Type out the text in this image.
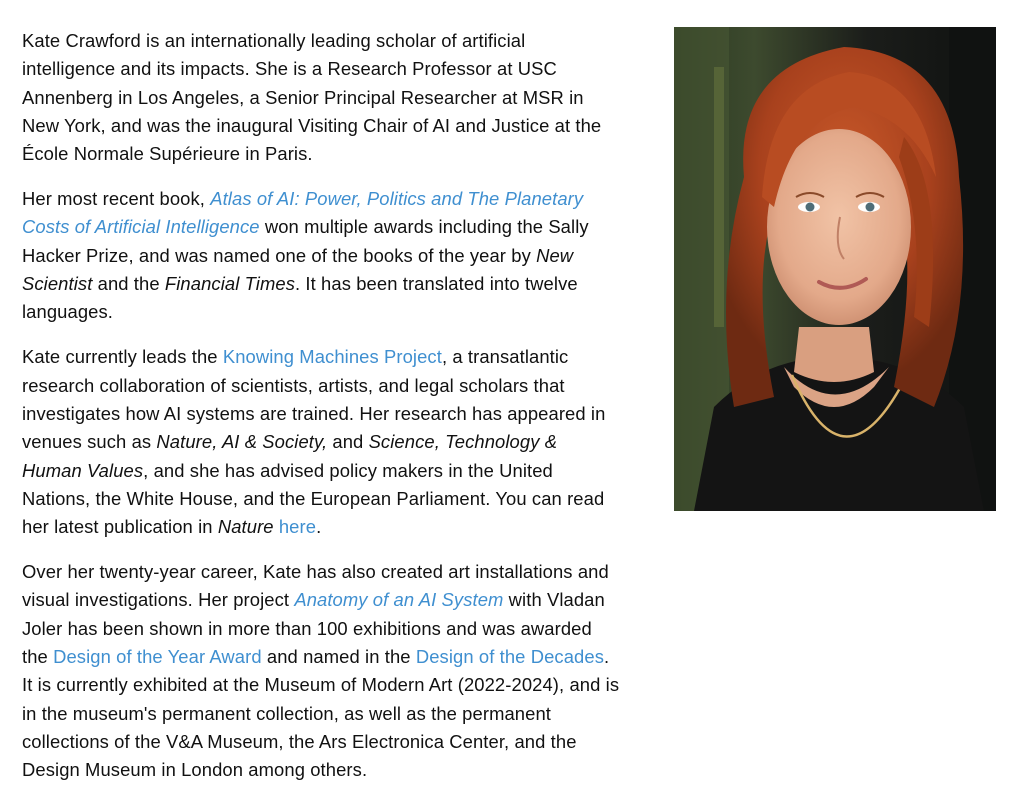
Kate Crawford is an internationally leading scholar of artificial intelligence and its impacts. She is a Research Professor at USC Annenberg in Los Angeles, a Senior Principal Researcher at MSR in New York, and was the inaugural Visiting Chair of AI and Justice at the École Normale Supérieure in Paris.

Her most recent book, Atlas of AI: Power, Politics and The Planetary Costs of Artificial Intelligence won multiple awards including the Sally Hacker Prize, and was named one of the books of the year by New Scientist and the Financial Times. It has been translated into twelve languages.

Kate currently leads the Knowing Machines Project, a transatlantic research collaboration of scientists, artists, and legal scholars that investigates how AI systems are trained. Her research has appeared in venues such as Nature, AI & Society, and Science, Technology & Human Values, and she has advised policy makers in the United Nations, the White House, and the European Parliament. You can read her latest publication in Nature here.

Over her twenty-year career, Kate has also created art installations and visual investigations. Her project Anatomy of an AI System with Vladan Joler has been shown in more than 100 exhibitions and was awarded the Design of the Year Award and named in the Design of the Decades. It is currently exhibited at the Museum of Modern Art (2022-2024), and is in the museum's permanent collection, as well as the permanent collections of the V&A Museum, the Ars Electronica Center, and the Design Museum in London among others.
